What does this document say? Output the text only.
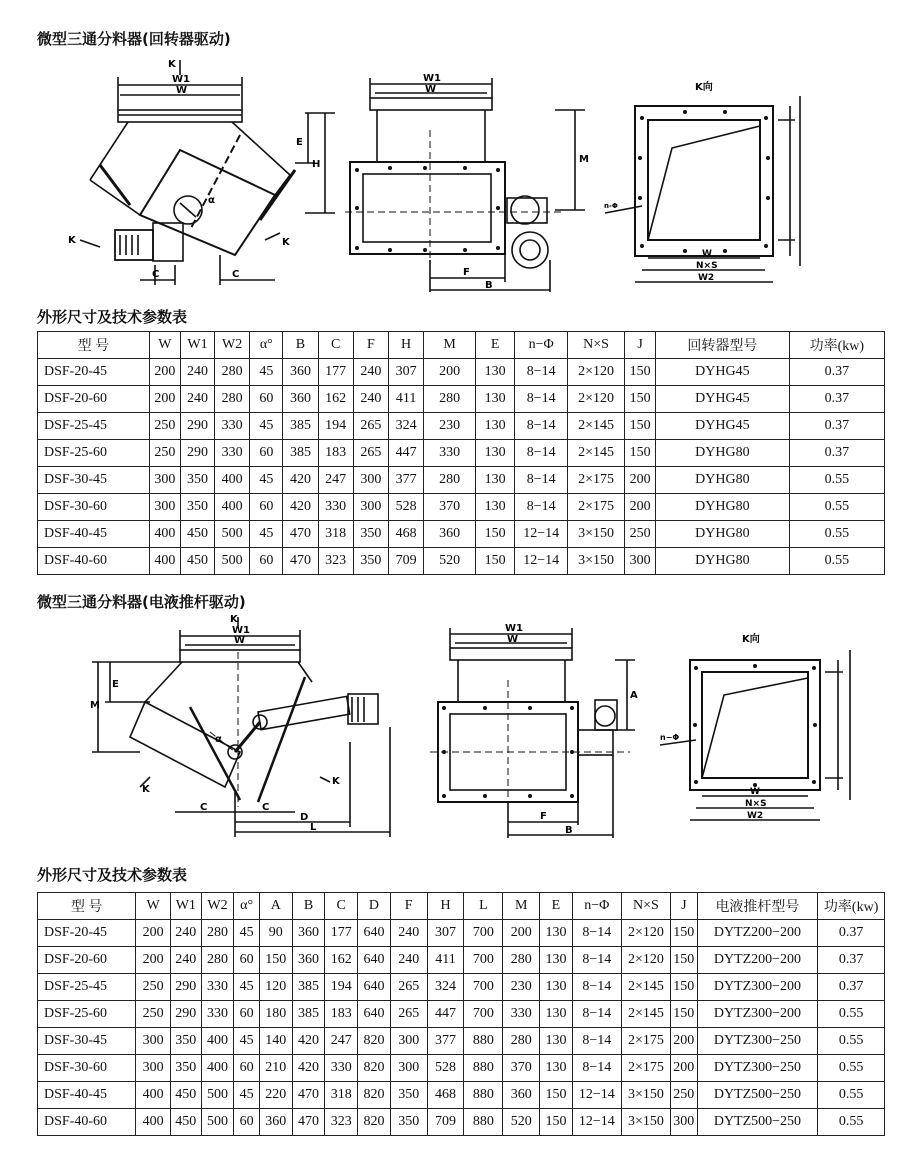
微型三通分料器(回转器驱动)
K
W1
W
E
H
α
K	K
C	C
W1
W
M
F
B
K向
n-Φ
W
N×S
W2
外形尺寸及技术参数表
型 号	W	W1	W2	α°	B	C	F	H	M	E	n−Φ	N×S	J	回转器型号	功率(kw)
DSF-20-45	200	240	280	45	360	177	240	307	200	130	8−14	2×120	150	DYHG45	0.37
DSF-20-60	200	240	280	60	360	162	240	411	280	130	8−14	2×120	150	DYHG45	0.37
DSF-25-45	250	290	330	45	385	194	265	324	230	130	8−14	2×145	150	DYHG45	0.37
DSF-25-60	250	290	330	60	385	183	265	447	330	130	8−14	2×145	150	DYHG80	0.37
DSF-30-45	300	350	400	45	420	247	300	377	280	130	8−14	2×175	200	DYHG80	0.55
DSF-30-60	300	350	400	60	420	330	300	528	370	130	8−14	2×175	200	DYHG80	0.55
DSF-40-45	400	450	500	45	470	318	350	468	360	150	12−14	3×150	250	DYHG80	0.55
DSF-40-60	400	450	500	60	470	323	350	709	520	150	12−14	3×150	300	DYHG80	0.55
微型三通分料器(电液推杆驱动)
K
W1
W
E
M
α
K
K
C	C
D
L
W1
W
A
F
B
K向
n−Φ
W
N×S
W2
外形尺寸及技术参数表
型 号	W	W1	W2	α°	A	B	C	D	F	H	L	M	E	n−Φ	N×S	J	电液推杆型号	功率(kw)
DSF-20-45	200	240	280	45	90	360	177	640	240	307	700	200	130	8−14	2×120	150	DYTZ200−200	0.37
DSF-20-60	200	240	280	60	150	360	162	640	240	411	700	280	130	8−14	2×120	150	DYTZ200−200	0.37
DSF-25-45	250	290	330	45	120	385	194	640	265	324	700	230	130	8−14	2×145	150	DYTZ300−200	0.37
DSF-25-60	250	290	330	60	180	385	183	640	265	447	700	330	130	8−14	2×145	150	DYTZ300−200	0.55
DSF-30-45	300	350	400	45	140	420	247	820	300	377	880	280	130	8−14	2×175	200	DYTZ300−250	0.55
DSF-30-60	300	350	400	60	210	420	330	820	300	528	880	370	130	8−14	2×175	200	DYTZ300−250	0.55
DSF-40-45	400	450	500	45	220	470	318	820	350	468	880	360	150	12−14	3×150	250	DYTZ500−250	0.55
DSF-40-60	400	450	500	60	360	470	323	820	350	709	880	520	150	12−14	3×150	300	DYTZ500−250	0.55
